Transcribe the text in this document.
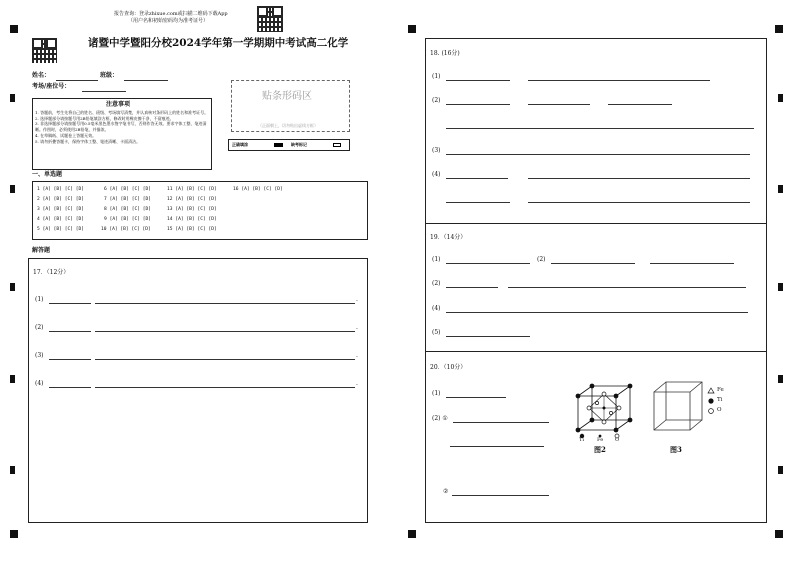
报告查询：登录zhixue.com或扫描二维码下载App
（用户名和初始密码均为准考证号）
诸暨中学暨阳分校2024学年第一学期期中考试高二化学
姓名：	班级：
考场/座位号：
贴条形码区
（正面朝上，切勿贴出虚线方框）
注意事项
1. 答题前，考生先将自己的姓名、班级、考场填写清楚，并认真核对条形码上的姓名和准考证号。
2. 选择题部分请按题号用2B铅笔填涂方框，修改时用橡皮擦干净，不留痕迹。
3. 非选择题部分请按题号用0.5毫米黑色墨水签字笔书写，否则作答无效。要求字体工整、笔迹清晰。作图时，必须使用2B铅笔，并描浓。
4. 在草稿纸、试题卷上答题无效。
5. 请勿折叠答题卡，保持字体工整、笔迹清晰、卡面清洁。
正确填涂	缺考标记
一、单选题
1 [A] [B] [C] [D]
2 [A] [B] [C] [D]
3 [A] [B] [C] [D]
4 [A] [B] [C] [D]
5 [A] [B] [C] [D]
6 [A] [B] [C] [D]
7 [A] [B] [C] [D]
8 [A] [B] [C] [D]
9 [A] [B] [C] [D]
10 [A] [B] [C] [D]
11 [A] [B] [C] [D]
12 [A] [B] [C] [D]
13 [A] [B] [C] [D]
14 [A] [B] [C] [D]
15 [A] [B] [C] [D]
16 [A] [B] [C] [D]
解答题
17．（12分）
(1)	.
(2)	.
(3)	.
(4)	.
18. (16分)
(1)
(2)
(3)
(4)
19．（14分）
(1)	(2)
(2)
(4)
(5)
20．（10分）
(1)
(2) ①
②
Ti	Fe O
图2	图3
Fe
Ti
O
